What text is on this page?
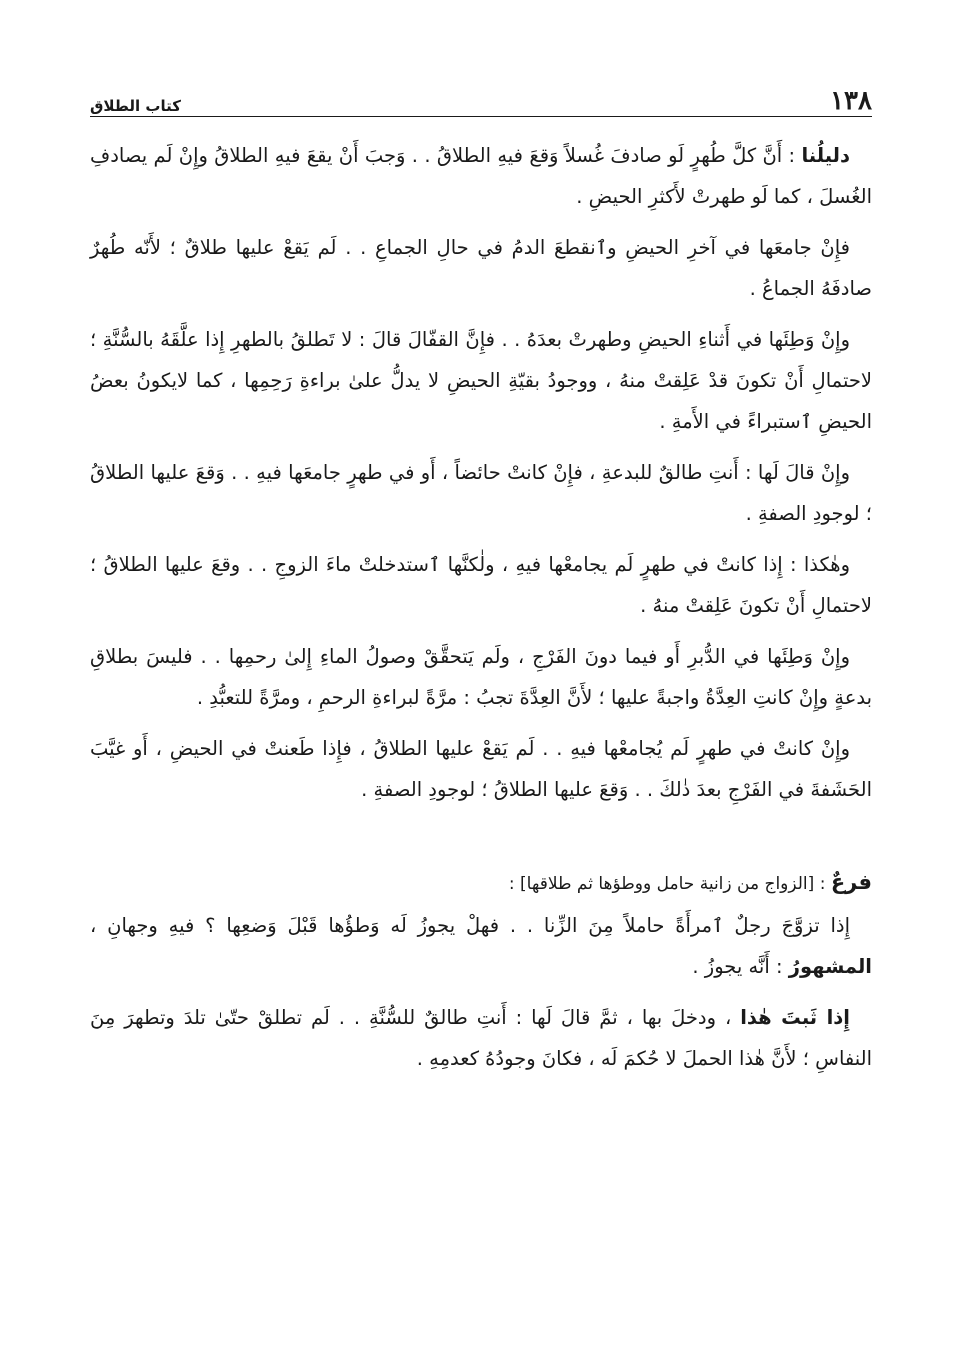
١٣٨
كتاب الطلاق

دليلُنا : أَنَّ كلَّ طُهرٍ لَو صادفَ غُسلاً وَقعَ فيهِ الطلاقُ . . وَجبَ أَنْ يقعَ فيهِ الطلاقُ وإِنْ لَم يصادفِ الغُسلَ ، كما لَو طهرتْ لأَكثرِ الحيضِ .

فإِنْ جامعَها في آخرِ الحيضِ وٱنقطعَ الدمُ في حالِ الجماعِ . . لَم يَقعْ عليها طلاقٌ ؛ لأَنّه طُهرٌ صادفَهُ الجماعُ .

وإِنْ وَطِئَها في أَثناءِ الحيضِ وطهرتْ بعدَهُ . . فإِنَّ القفّالَ قالَ : لا تَطلقُ بالطهرِ إِذا علَّقَهُ بالسُّنَّةِ ؛ لاحتمالِ أَنْ تكونَ قدْ عَلِقتْ منهُ ، ووجودُ بقيّةِ الحيضِ لا يدلُّ علىٰ براءةِ رَحِمِها ، كما لايكونُ بعضُ الحيضِ ٱستبراءً في الأَمةِ .

وإِنْ قالَ لَها : أَنتِ طالقٌ للبدعةِ ، فإِنْ كانتْ حائضاً ، أَو في طهرٍ جامعَها فيهِ . . وَقعَ عليها الطلاقُ ؛ لوجودِ الصفةِ .

وهٰكذا : إِذا كانتْ في طهرٍ لَم يجامعْها فيهِ ، ولٰكنَّها ٱستدخلتْ ماءَ الزوجِ . . وقعَ عليها الطلاقُ ؛ لاحتمالِ أَنْ تكونَ عَلِقتْ منهُ .

وإِنْ وَطِئَها في الدُّبرِ أَو فيما دونَ الفَرْجِ ، ولَم يَتحقَّقْ وصولُ الماءِ إِلىٰ رحمِها . . فليسَ بطلاقِ بدعةٍ وإِنْ كانتِ العِدَّةُ واجبةً عليها ؛ لأَنَّ العِدَّةَ تجبُ : مرَّةً لبراءةِ الرحمِ ، ومرَّةً للتعبُّدِ .

وإِنْ كانتْ في طهرٍ لَم يُجامعْها فيهِ . . لَم يَقعْ عليها الطلاقُ ، فإِذا طَعنتْ في الحيضِ ، أَو غيَّبَ الحَشَفةَ في الفَرْجِ بعدَ ذٰلكَ . . وَقعَ عليها الطلاقُ ؛ لوجودِ الصفةِ .

فرعٌ : [الزواج من زانية حامل ووطؤها ثم طلاقها] :

إِذا تزوَّجَ رجلٌ ٱمرأَةً حاملاً مِنَ الزِّنا . . فهلْ يجوزُ لَه وَطؤُها قَبْلَ وَضعِها ؟ فيهِ وجهانِ ، المشهورُ : أَنَّه يجوزُ .

إِذا ثَبتَ هٰذا ، ودخلَ بها ، ثمَّ قالَ لَها : أَنتِ طالقٌ للسُّنَّةِ . . لَم تطلقْ حتّىٰ تلدَ وتطهرَ مِنَ النفاسِ ؛ لأَنَّ هٰذا الحملَ لا حُكمَ لَه ، فكانَ وجودُهُ كعدمِهِ .
